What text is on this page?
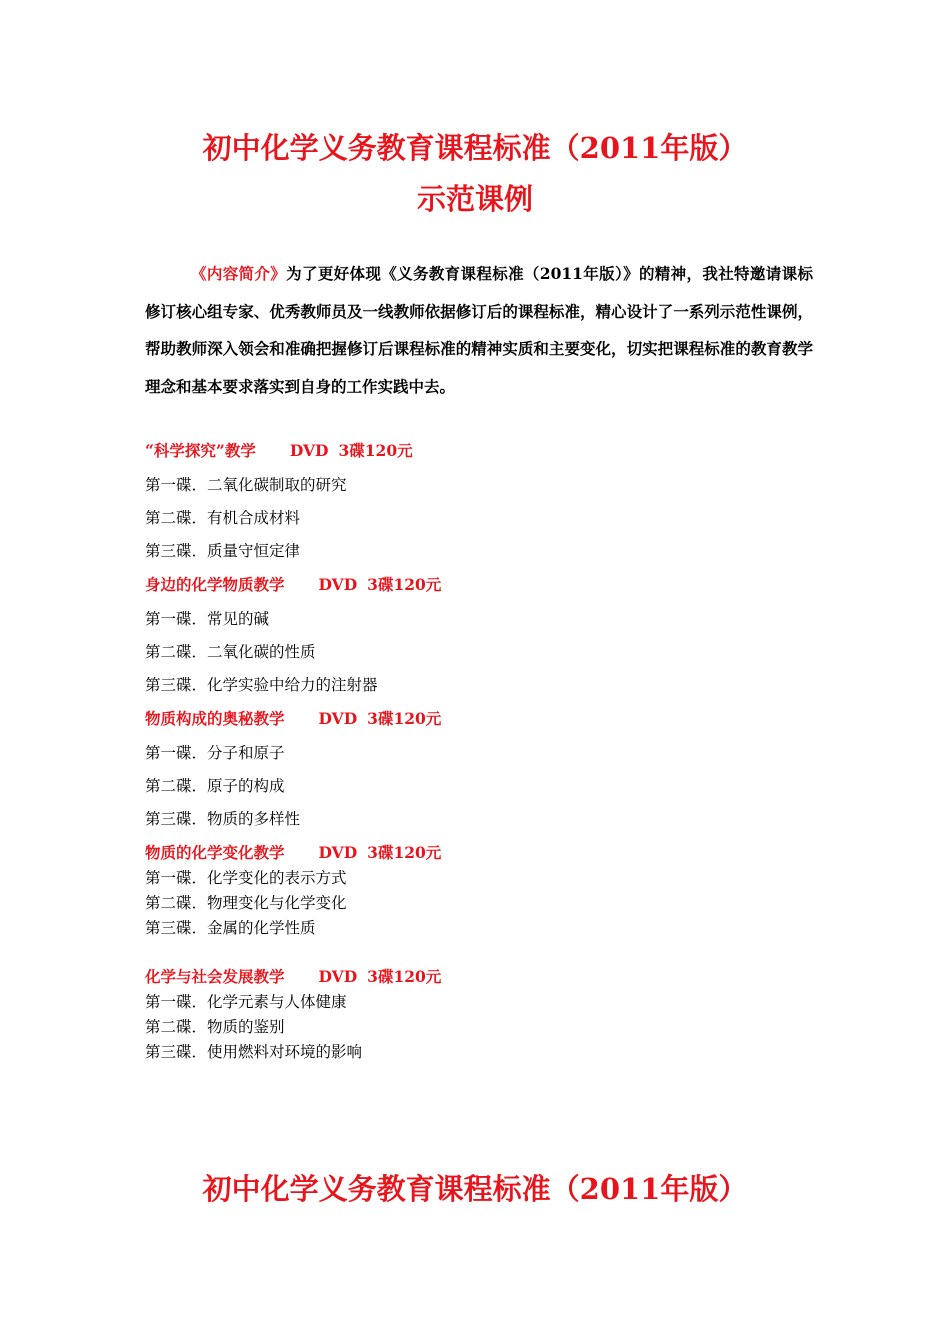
初中化学义务教育课程标准（2011年版）
示范课例
《内容简介》为了更好体现《义务教育课程标准（2011年版）》的精神，我社特邀请课标修订核心组专家、优秀教师员及一线教师依据修订后的课程标准，精心设计了一系列示范性课例，帮助教师深入领会和准确把握修订后课程标准的精神实质和主要变化，切实把课程标准的教育教学理念和基本要求落实到自身的工作实践中去。
“科学探究”教学 DVD 3碟120元
第一碟．二氧化碳制取的研究
第二碟．有机合成材料
第三碟．质量守恒定律
身边的化学物质教学 DVD 3碟120元
第一碟．常见的碱
第二碟．二氧化碳的性质
第三碟．化学实验中给力的注射器
物质构成的奥秘教学 DVD 3碟120元
第一碟．分子和原子
第二碟．原子的构成
第三碟．物质的多样性
物质的化学变化教学 DVD 3碟120元
第一碟．化学变化的表示方式
第二碟．物理变化与化学变化
第三碟．金属的化学性质
化学与社会发展教学 DVD 3碟120元
第一碟．化学元素与人体健康
第二碟．物质的鉴别
第三碟．使用燃料对环境的影响
初中化学义务教育课程标准（2011年版）
